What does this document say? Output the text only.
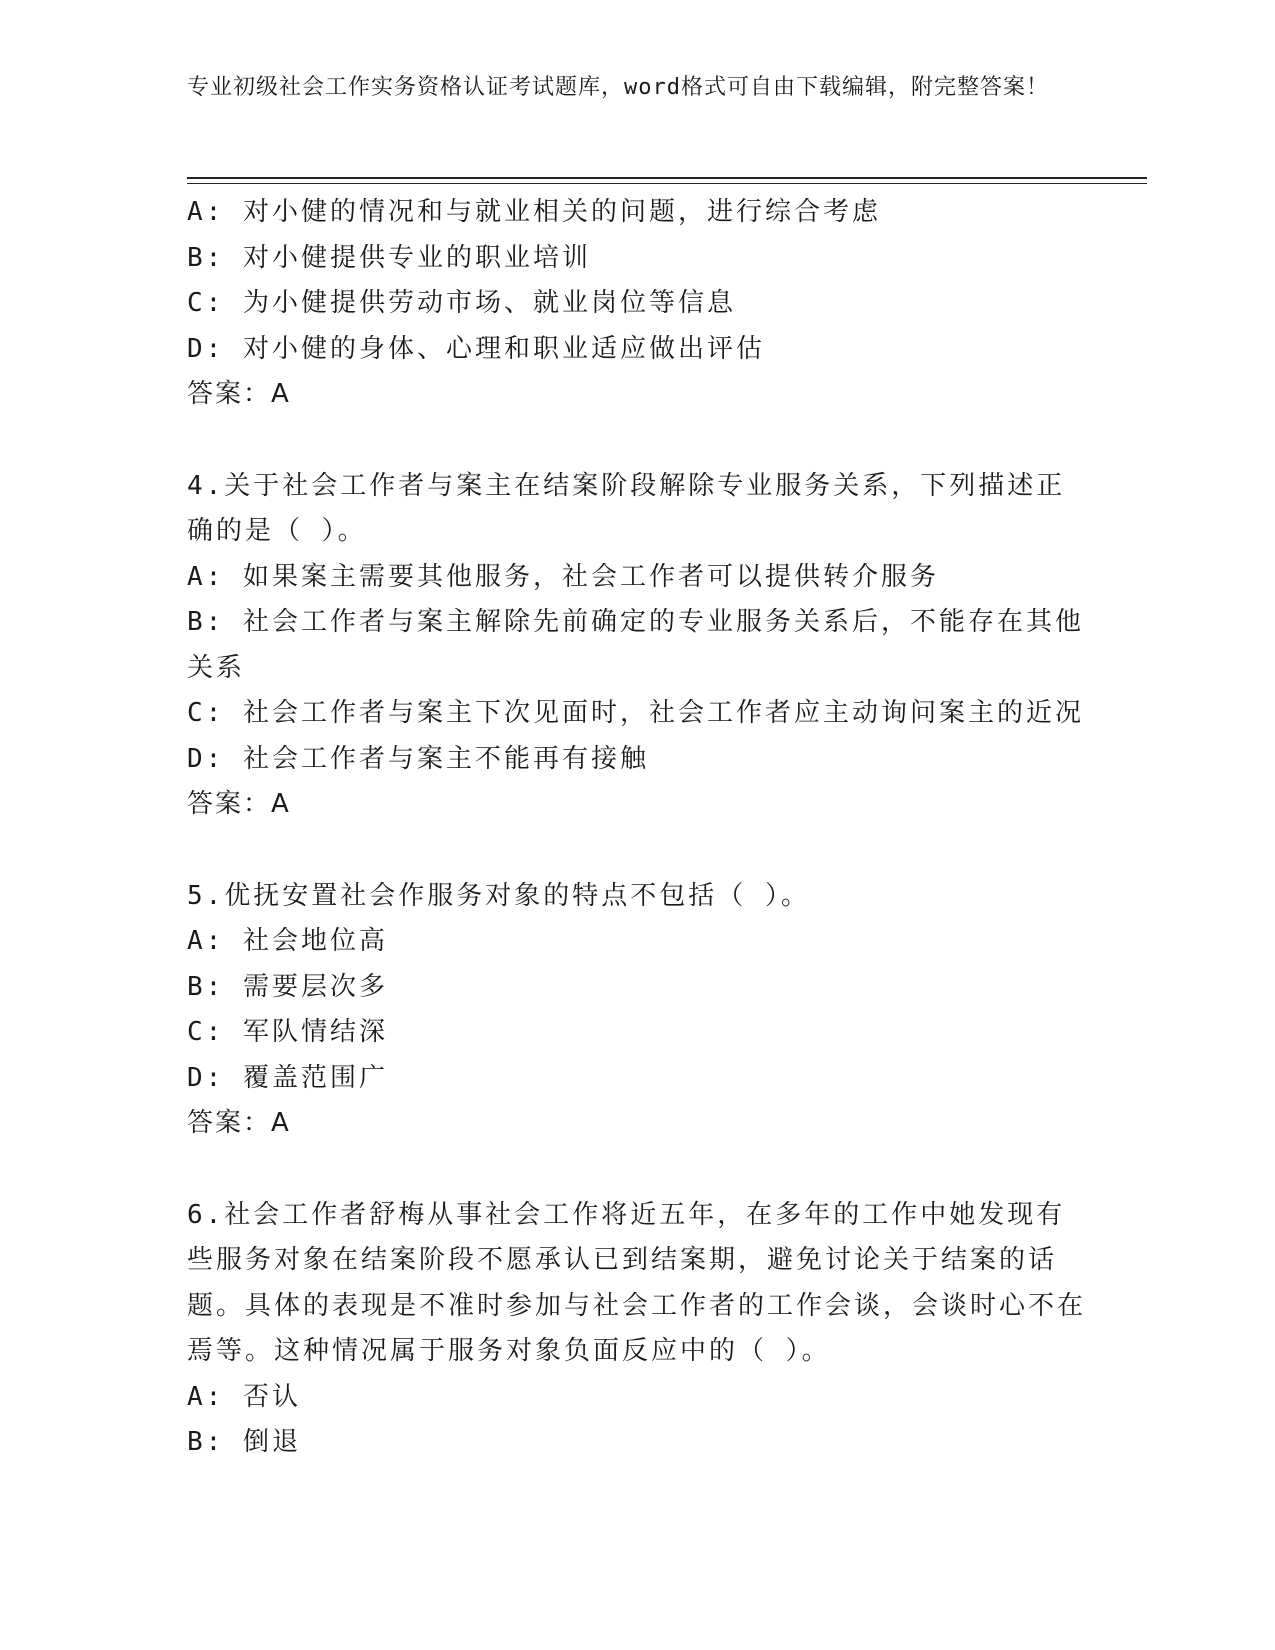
专业初级社会工作实务资格认证考试题库，word格式可自由下载编辑，附完整答案！

A: 对小健的情况和与就业相关的问题，进行综合考虑

B: 对小健提供专业的职业培训

C: 为小健提供劳动市场、就业岗位等信息

D: 对小健的身体、心理和职业适应做出评估

答案：A

4.关于社会工作者与案主在结案阶段解除专业服务关系，下列描述正确的是（ ）。

A: 如果案主需要其他服务，社会工作者可以提供转介服务

B: 社会工作者与案主解除先前确定的专业服务关系后，不能存在其他关系

C: 社会工作者与案主下次见面时，社会工作者应主动询问案主的近况

D: 社会工作者与案主不能再有接触

答案：A

5.优抚安置社会作服务对象的特点不包括（ ）。

A: 社会地位高

B: 需要层次多

C: 军队情结深

D: 覆盖范围广

答案：A

6.社会工作者舒梅从事社会工作将近五年，在多年的工作中她发现有些服务对象在结案阶段不愿承认已到结案期，避免讨论关于结案的话题。具体的表现是不准时参加与社会工作者的工作会谈，会谈时心不在焉等。这种情况属于服务对象负面反应中的（ ）。

A: 否认

B: 倒退
